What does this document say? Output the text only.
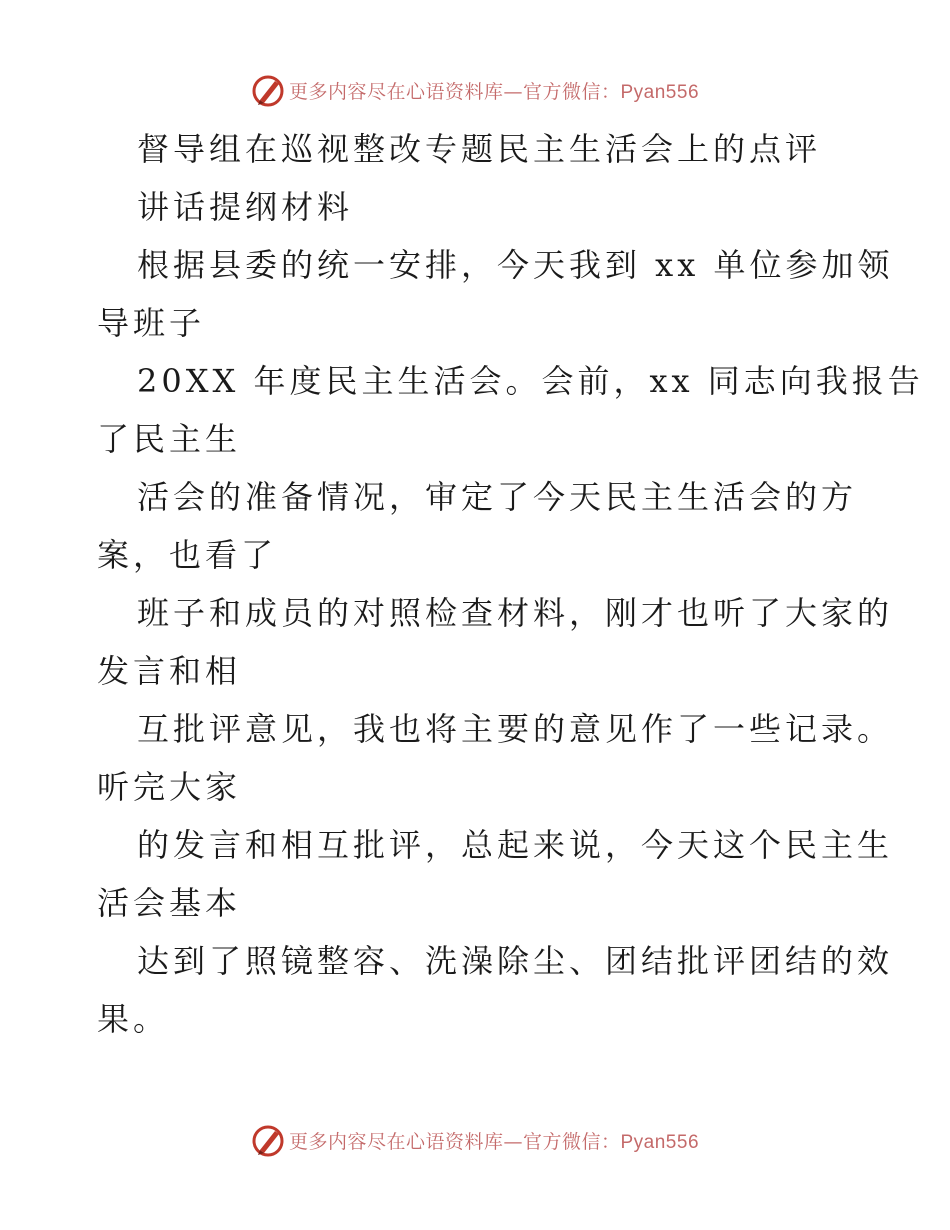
更多内容尽在心语资料库—官方微信：Pyan556
督导组在巡视整改专题民主生活会上的点评
讲话提纲材料
根据县委的统一安排，今天我到 xx 单位参加领
导班子
20XX 年度民主生活会。会前，xx 同志向我报告
了民主生
活会的准备情况，审定了今天民主生活会的方
案，也看了
班子和成员的对照检查材料，刚才也听了大家的
发言和相
互批评意见，我也将主要的意见作了一些记录。
听完大家
的发言和相互批评，总起来说，今天这个民主生
活会基本
达到了照镜整容、洗澡除尘、团结批评团结的效
果。
更多内容尽在心语资料库—官方微信：Pyan556
